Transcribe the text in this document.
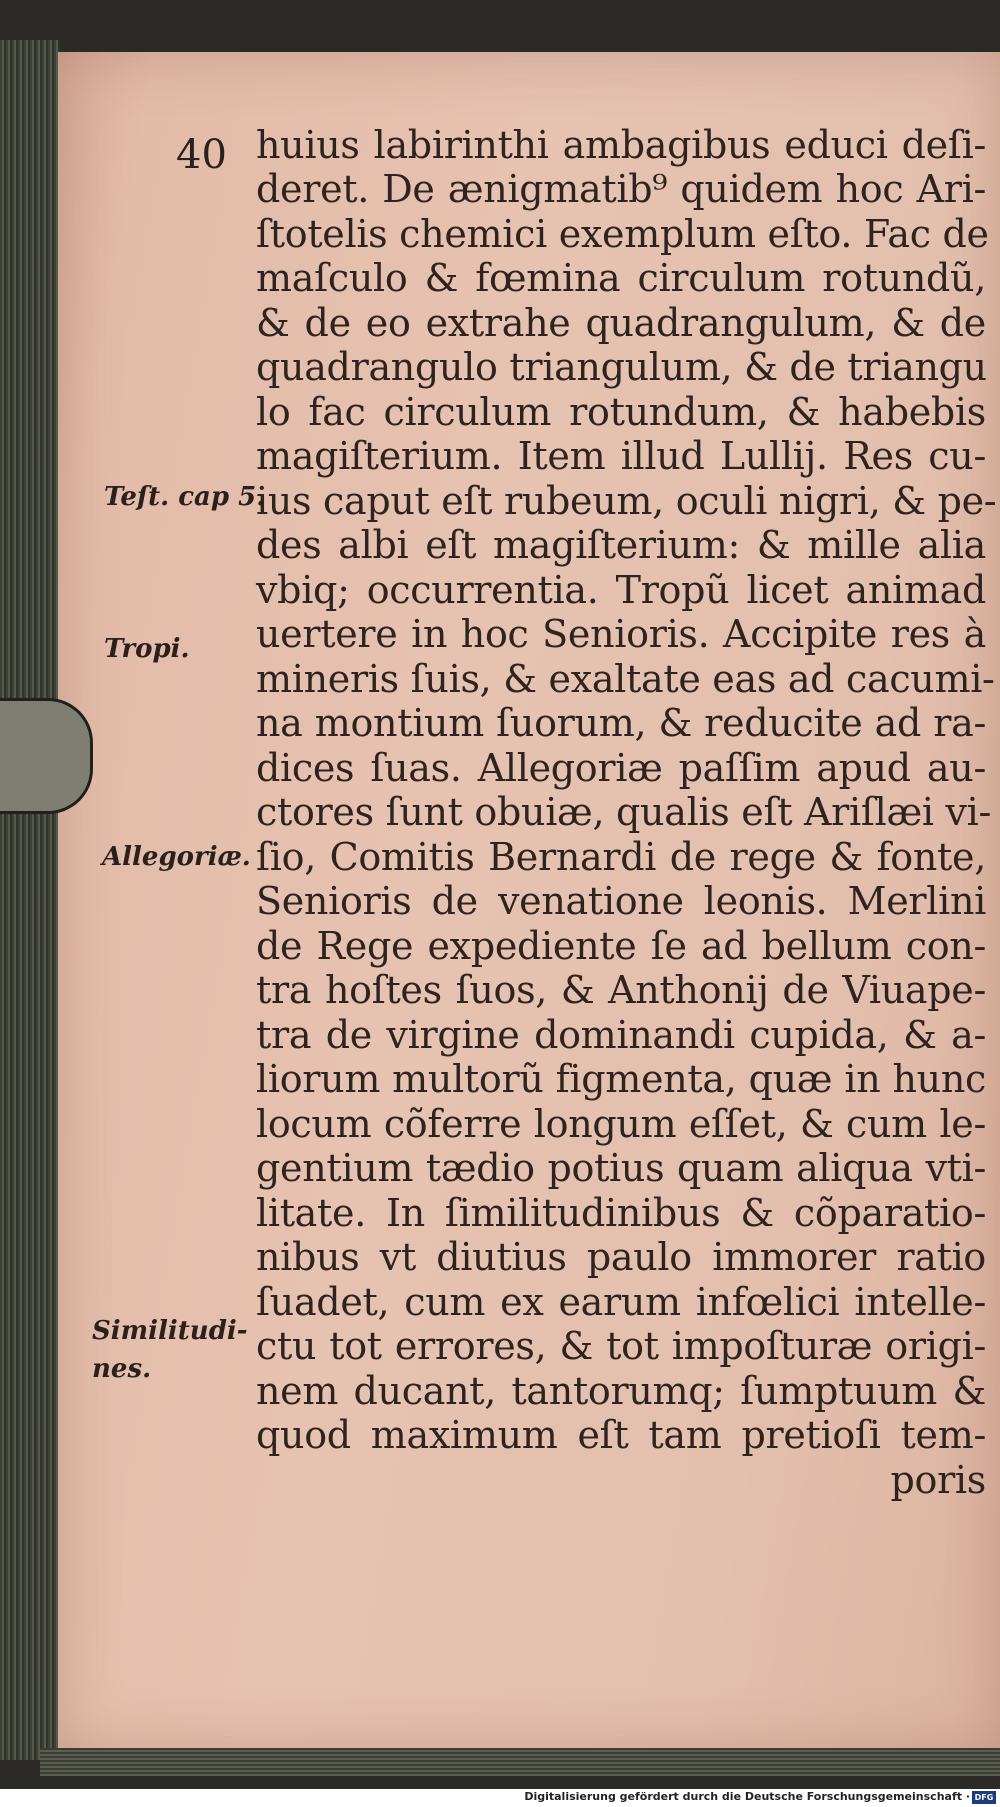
40 huius labirinthi ambagibus educi deſi-
deret. De ænigmatib⁹ quidem hoc Ari-
ſtotelis chemici exemplum eſto. Fac de
maſculo & fœmina circulum rotundũ,
& de eo extrahe quadrangulum, & de
quadrangulo triangulum, & de triangu
lo fac circulum rotundum, & habebis
magiſterium. Item illud Lullij. Res cu-
ius caput eſt rubeum, oculi nigri, & pe-
des albi eſt magiſterium: & mille alia
vbiq; occurrentia. Tropũ licet animad
uertere in hoc Senioris. Accipite res à
mineris ſuis, & exaltate eas ad cacumi-
na montium ſuorum, & reducite ad ra-
dices ſuas. Allegoriæ paſſim apud au-
ctores ſunt obuiæ, qualis eſt Ariſlæi vi-
ſio, Comitis Bernardi de rege & fonte,
Senioris de venatione leonis. Merlini
de Rege expediente ſe ad bellum con-
tra hoſtes ſuos, & Anthonij de Viuape-
tra de virgine dominandi cupida, & a-
liorum multorũ figmenta, quæ in hunc
locum cõferre longum eſſet, & cum le-
gentium tædio potius quam aliqua vti-
litate. In ſimilitudinibus & cõparatio-
nibus vt diutius paulo immorer ratio
ſuadet, cum ex earum infœlici intelle-
ctu tot errores, & tot impoſturæ origi-
nem ducant, tantorumq; ſumptuum &
quod maximum eſt tam pretioſi tem-
poris
Teſt. cap 5.
Tropi.
Allegoriæ.
Similitudi-
nes.
Digitalisierung gefördert durch die Deutsche Forschungsgemeinschaft · DFG
